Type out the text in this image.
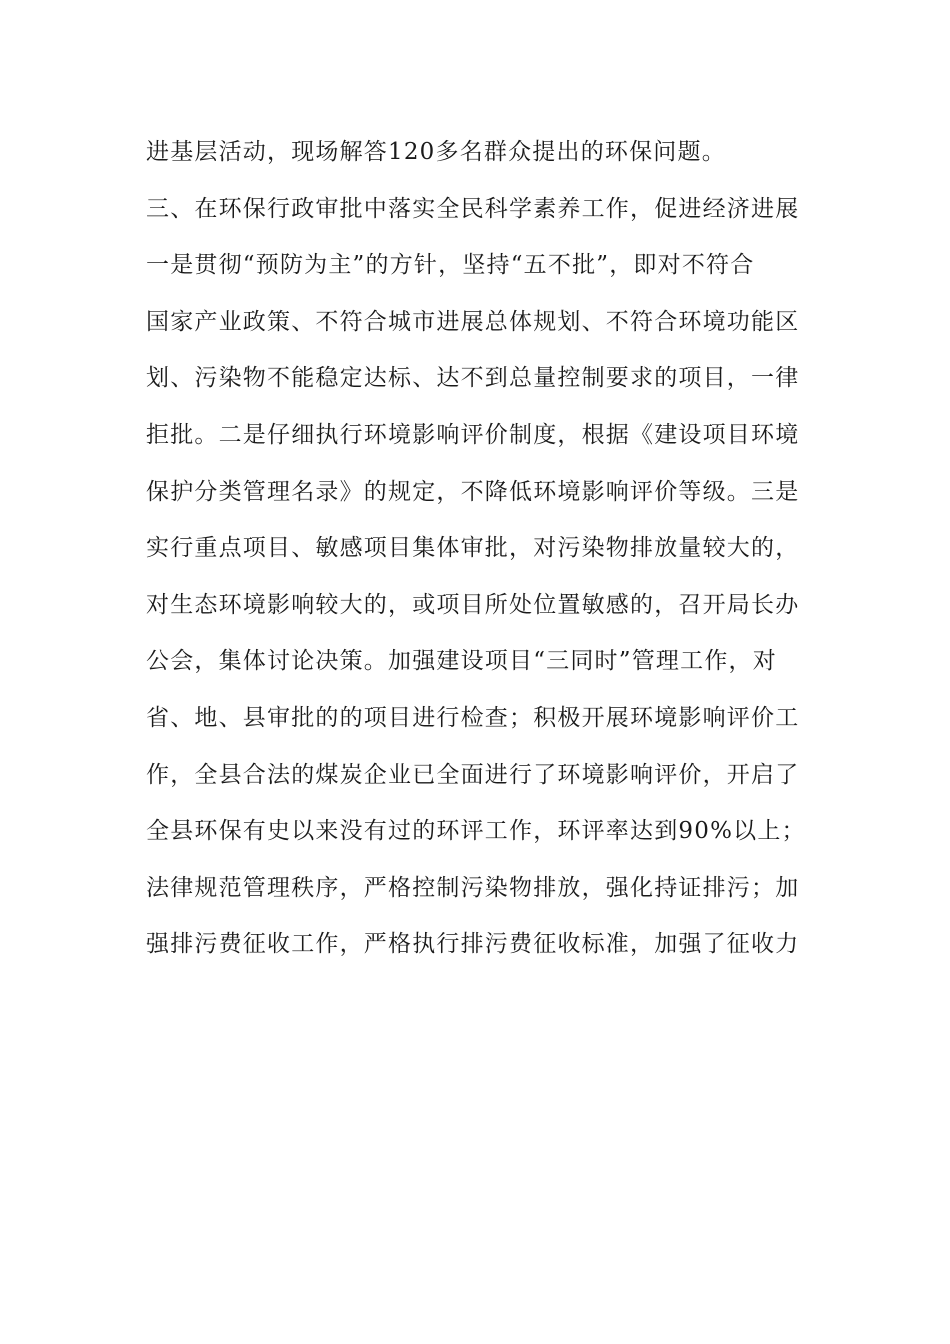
进基层活动，现场解答120多名群众提出的环保问题。
三、在环保行政审批中落实全民科学素养工作，促进经济进展
一是贯彻“预防为主”的方针，坚持“五不批”，即对不符合
国家产业政策、不符合城市进展总体规划、不符合环境功能区
划、污染物不能稳定达标、达不到总量控制要求的项目，一律
拒批。二是仔细执行环境影响评价制度，根据《建设项目环境
保护分类管理名录》的规定，不降低环境影响评价等级。三是
实行重点项目、敏感项目集体审批，对污染物排放量较大的，
对生态环境影响较大的，或项目所处位置敏感的，召开局长办
公会，集体讨论决策。加强建设项目“三同时”管理工作，对
省、地、县审批的的项目进行检查；积极开展环境影响评价工
作，全县合法的煤炭企业已全面进行了环境影响评价，开启了
全县环保有史以来没有过的环评工作，环评率达到90%以上；
法律规范管理秩序，严格控制污染物排放，强化持证排污；加
强排污费征收工作，严格执行排污费征收标准，加强了征收力
